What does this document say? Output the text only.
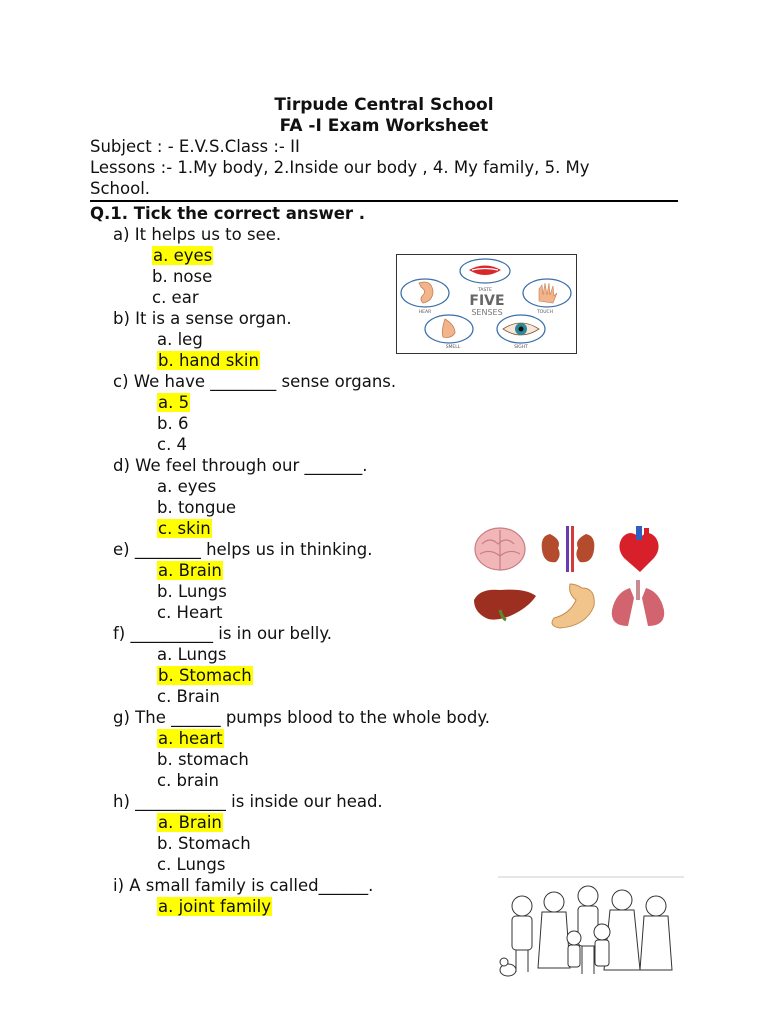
Tirpude Central School
FA -I Exam Worksheet
Subject : - E.V.S.Class :- II
Lessons :- 1.My body, 2.Inside our body , 4. My family, 5. My
School.
Q.1. Tick the correct answer .
a) It helps us to see.
a. eyes
b. nose
c. ear
b) It is a sense organ.
a. leg
b. hand skin
c) We have ________ sense organs.
a. 5
b. 6
c. 4
d) We feel through our _______.
a. eyes
b. tongue
c. skin
e) ________ helps us in thinking.
a. Brain
b. Lungs
c. Heart
f) __________ is in our belly.
a. Lungs
b. Stomach
c. Brain
g) The ______ pumps blood to the whole body.
a. heart
b. stomach
c. brain
h) ___________ is inside our head.
a. Brain
b. Stomach
c. Lungs
i) A small family is called______.
a. joint family
TASTE
HEAR
FIVE
SENSES	TOUCH
SMELL	SIGHT
